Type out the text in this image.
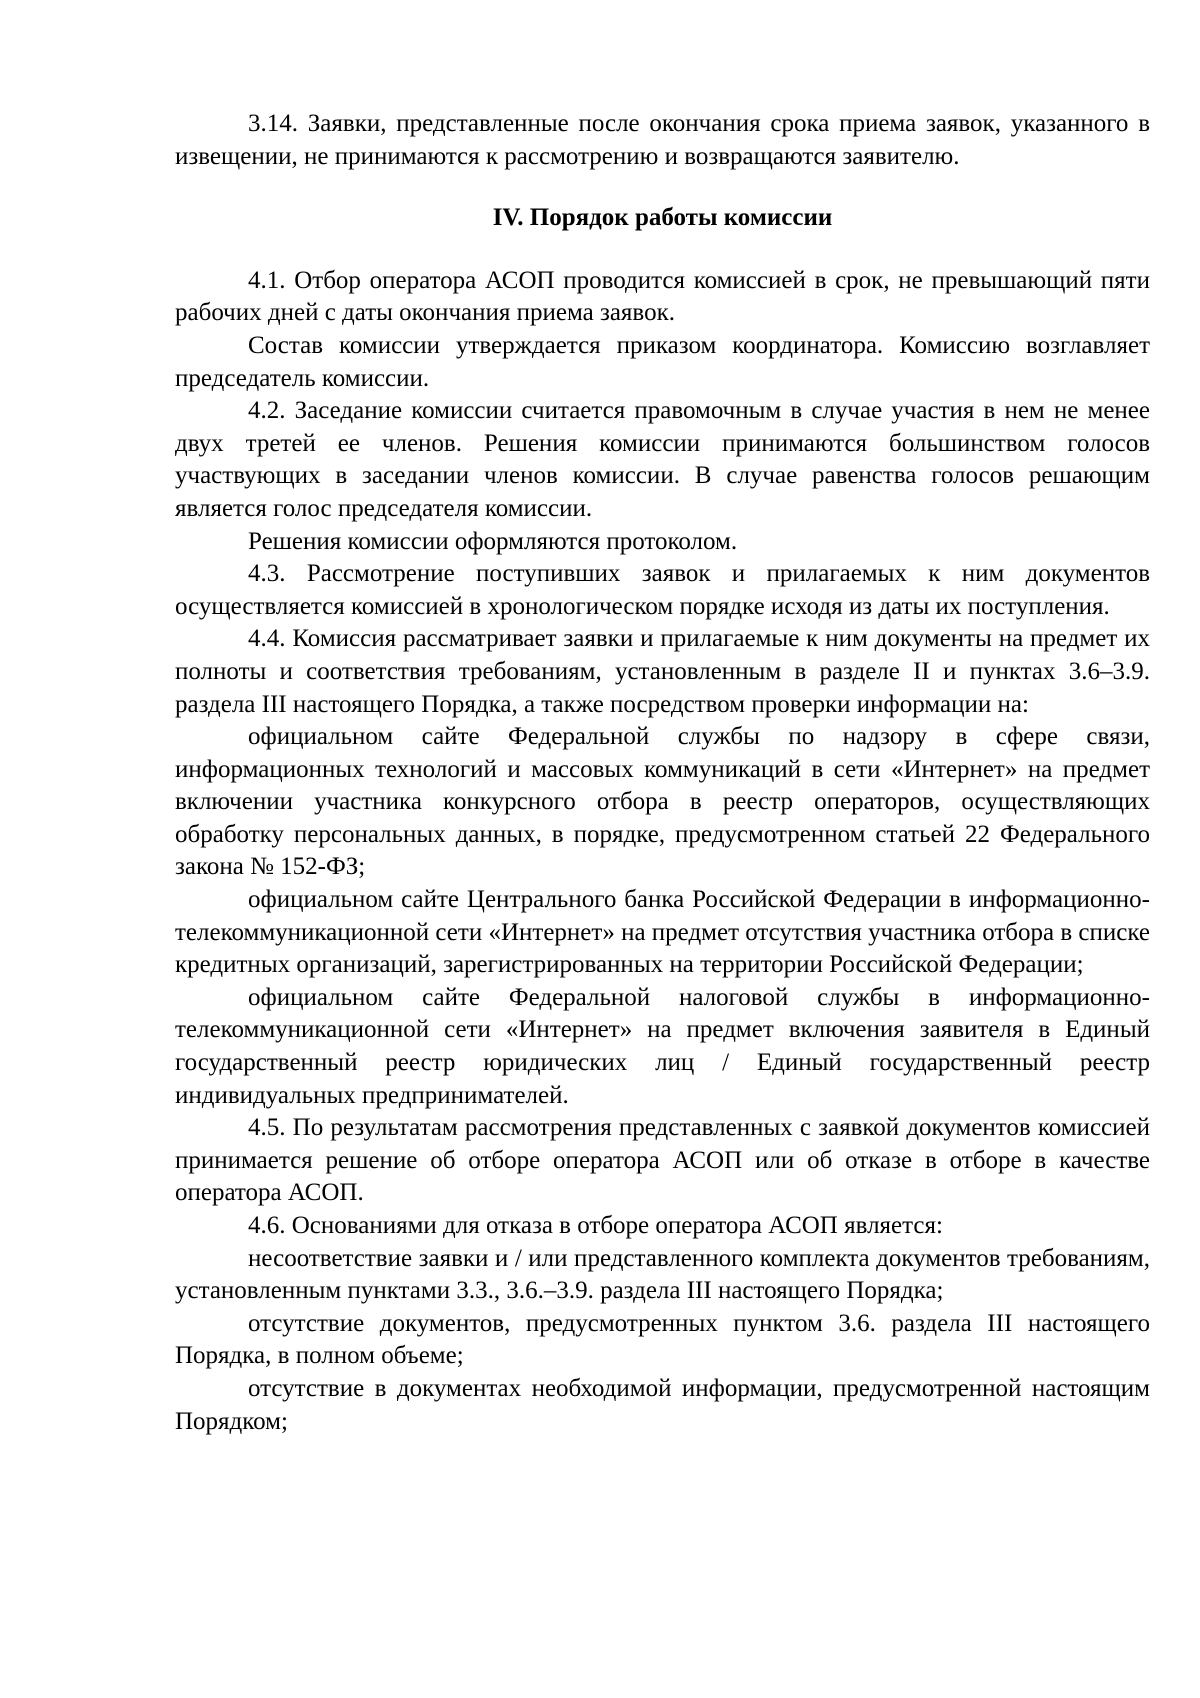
3.14. Заявки, представленные после окончания срока приема заявок, указанного в извещении, не принимаются к рассмотрению и возвращаются заявителю.

IV. Порядок работы комиссии

4.1. Отбор оператора АСОП проводится комиссией в срок, не превышающий пяти рабочих дней с даты окончания приема заявок.

Состав комиссии утверждается приказом координатора. Комиссию возглавляет председатель комиссии.

4.2. Заседание комиссии считается правомочным в случае участия в нем не менее двух третей ее членов. Решения комиссии принимаются большинством голосов участвующих в заседании членов комиссии. В случае равенства голосов решающим является голос председателя комиссии.

Решения комиссии оформляются протоколом.

4.3. Рассмотрение поступивших заявок и прилагаемых к ним документов осуществляется комиссией в хронологическом порядке исходя из даты их поступления.

4.4. Комиссия рассматривает заявки и прилагаемые к ним документы на предмет их полноты и соответствия требованиям, установленным в разделе II и пунктах 3.6–3.9. раздела III настоящего Порядка, а также посредством проверки информации на:

официальном сайте Федеральной службы по надзору в сфере связи, информационных технологий и массовых коммуникаций в сети «Интернет» на предмет включении участника конкурсного отбора в реестр операторов, осуществляющих обработку персональных данных, в порядке, предусмотренном статьей 22 Федерального закона № 152-ФЗ;

официальном сайте Центрального банка Российской Федерации в информационно-телекоммуникационной сети «Интернет» на предмет отсутствия участника отбора в списке кредитных организаций, зарегистрированных на территории Российской Федерации;

официальном сайте Федеральной налоговой службы в информационно-телекоммуникационной сети «Интернет» на предмет включения заявителя в Единый государственный реестр юридических лиц / Единый государственный реестр индивидуальных предпринимателей.

4.5. По результатам рассмотрения представленных с заявкой документов комиссией принимается решение об отборе оператора АСОП или об отказе в отборе в качестве оператора АСОП.

4.6. Основаниями для отказа в отборе оператора АСОП является:

несоответствие заявки и / или представленного комплекта документов требованиям, установленным пунктами 3.3., 3.6.–3.9. раздела III настоящего Порядка;

отсутствие документов, предусмотренных пунктом 3.6. раздела III настоящего Порядка, в полном объеме;

отсутствие в документах необходимой информации, предусмотренной настоящим Порядком;
